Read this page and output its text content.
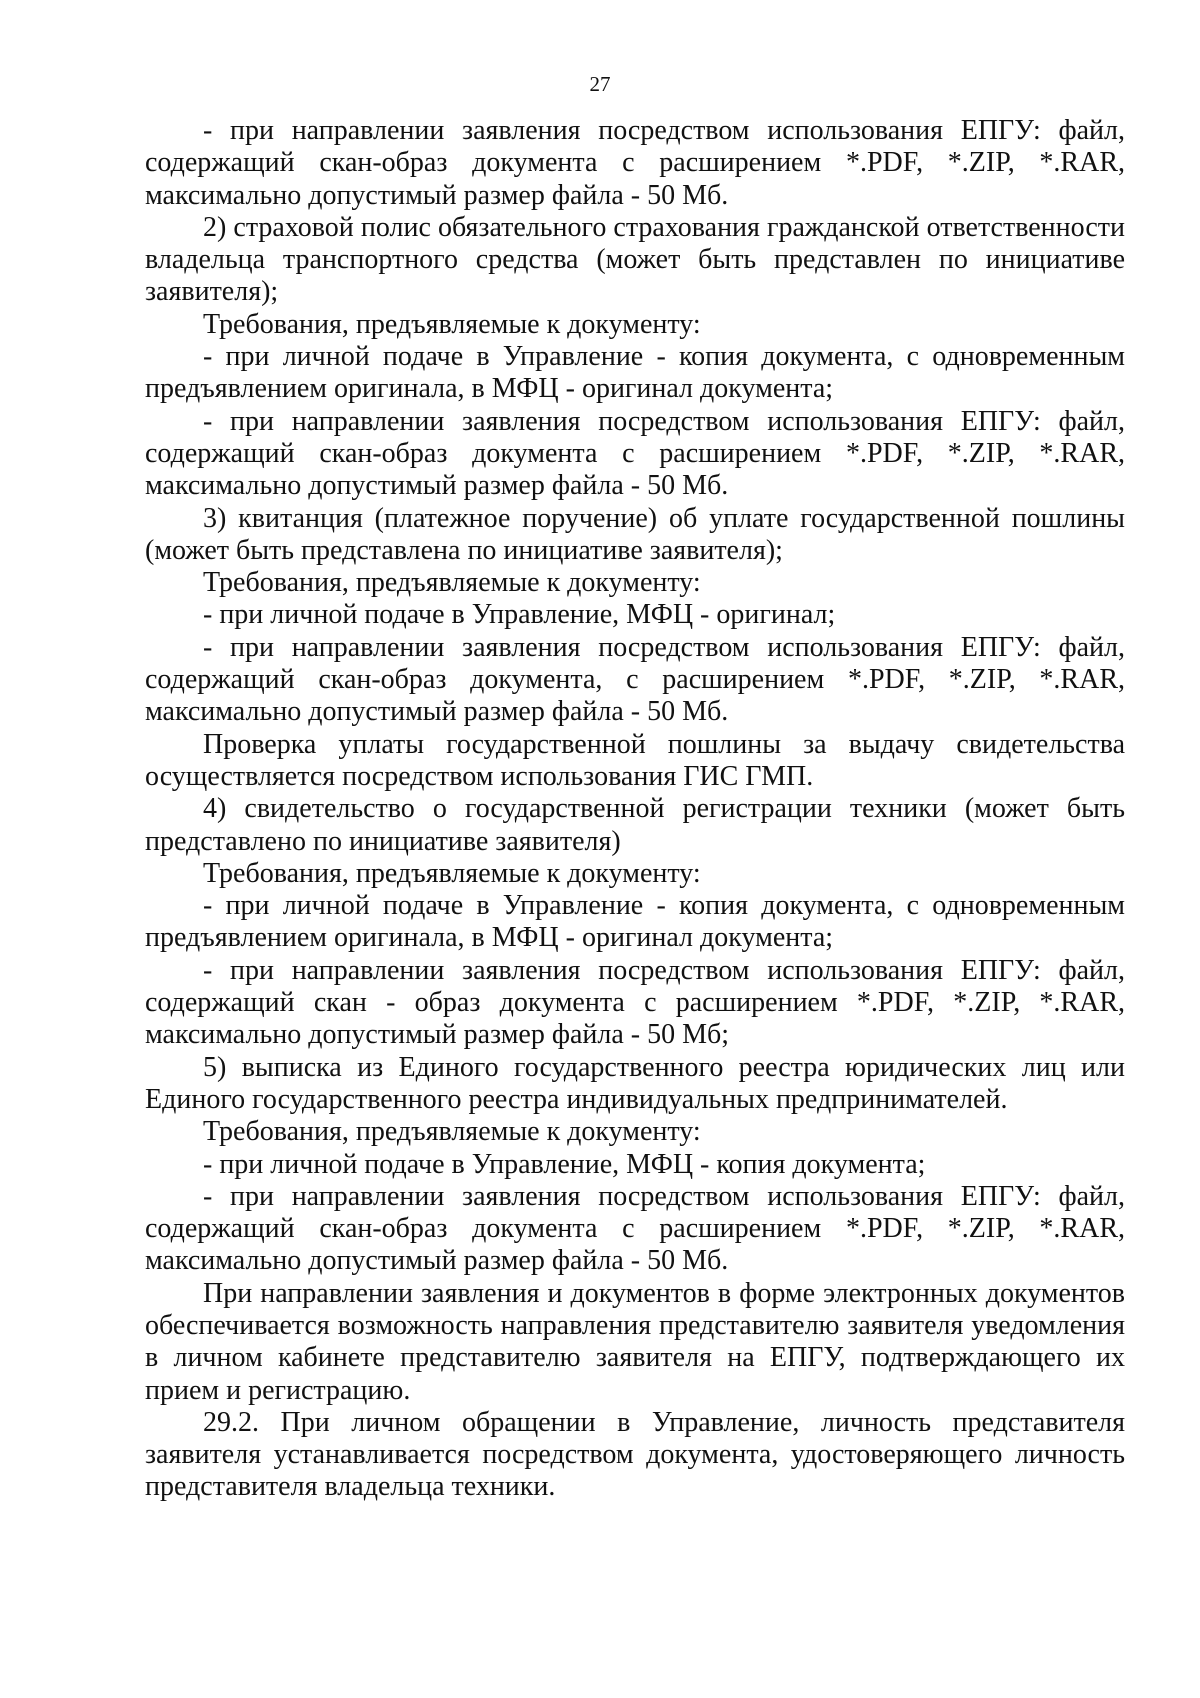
27

- при направлении заявления посредством использования ЕПГУ: файл, содержащий скан-образ документа с расширением *.PDF, *.ZIP, *.RAR, максимально допустимый размер файла - 50 Мб.

2) страховой полис обязательного страхования гражданской ответственности владельца транспортного средства (может быть представлен по инициативе заявителя);

Требования, предъявляемые к документу:

- при личной подаче в Управление - копия документа, с одновременным предъявлением оригинала, в МФЦ - оригинал документа;

- при направлении заявления посредством использования ЕПГУ: файл, содержащий скан-образ документа с расширением *.PDF, *.ZIP, *.RAR, максимально допустимый размер файла - 50 Мб.

3) квитанция (платежное поручение) об уплате государственной пошлины (может быть представлена по инициативе заявителя);

Требования, предъявляемые к документу:

- при личной подаче в Управление, МФЦ - оригинал;

- при направлении заявления посредством использования ЕПГУ: файл, содержащий скан-образ документа, с расширением *.PDF, *.ZIP, *.RAR, максимально допустимый размер файла - 50 Мб.

Проверка уплаты государственной пошлины за выдачу свидетельства осуществляется посредством использования ГИС ГМП.

4) свидетельство о государственной регистрации техники (может быть представлено по инициативе заявителя)

Требования, предъявляемые к документу:

- при личной подаче в Управление - копия документа, с одновременным предъявлением оригинала, в МФЦ - оригинал документа;

- при направлении заявления посредством использования ЕПГУ: файл, содержащий скан - образ документа с расширением *.PDF, *.ZIP, *.RAR, максимально допустимый размер файла - 50 Мб;

5) выписка из Единого государственного реестра юридических лиц или Единого государственного реестра индивидуальных предпринимателей.

Требования, предъявляемые к документу:

- при личной подаче в Управление, МФЦ - копия документа;

- при направлении заявления посредством использования ЕПГУ: файл, содержащий скан-образ документа с расширением *.PDF, *.ZIP, *.RAR, максимально допустимый размер файла - 50 Мб.

При направлении заявления и документов в форме электронных документов обеспечивается возможность направления представителю заявителя уведомления в личном кабинете представителю заявителя на ЕПГУ, подтверждающего их прием и регистрацию.

29.2. При личном обращении в Управление, личность представителя заявителя устанавливается посредством документа, удостоверяющего личность представителя владельца техники.
